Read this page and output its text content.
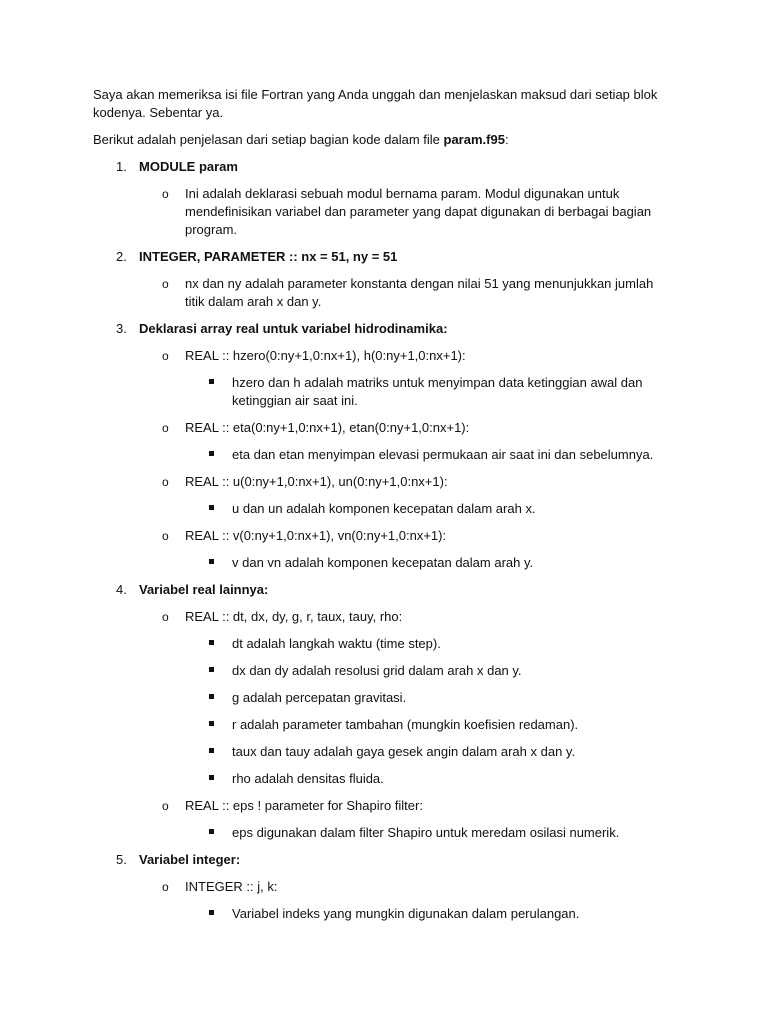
Saya akan memeriksa isi file Fortran yang Anda unggah dan menjelaskan maksud dari setiap blok kodenya. Sebentar ya.

Berikut adalah penjelasan dari setiap bagian kode dalam file param.f95:

1. MODULE param
o Ini adalah deklarasi sebuah modul bernama param. Modul digunakan untuk mendefinisikan variabel dan parameter yang dapat digunakan di berbagai bagian program.
2. INTEGER, PARAMETER :: nx = 51, ny = 51
o nx dan ny adalah parameter konstanta dengan nilai 51 yang menunjukkan jumlah titik dalam arah x dan y.
3. Deklarasi array real untuk variabel hidrodinamika:
o REAL :: hzero(0:ny+1,0:nx+1), h(0:ny+1,0:nx+1):
hzero dan h adalah matriks untuk menyimpan data ketinggian awal dan ketinggian air saat ini.
o REAL :: eta(0:ny+1,0:nx+1), etan(0:ny+1,0:nx+1):
eta dan etan menyimpan elevasi permukaan air saat ini dan sebelumnya.
o REAL :: u(0:ny+1,0:nx+1), un(0:ny+1,0:nx+1):
u dan un adalah komponen kecepatan dalam arah x.
o REAL :: v(0:ny+1,0:nx+1), vn(0:ny+1,0:nx+1):
v dan vn adalah komponen kecepatan dalam arah y.
4. Variabel real lainnya:
o REAL :: dt, dx, dy, g, r, taux, tauy, rho:
dt adalah langkah waktu (time step).
dx dan dy adalah resolusi grid dalam arah x dan y.
g adalah percepatan gravitasi.
r adalah parameter tambahan (mungkin koefisien redaman).
taux dan tauy adalah gaya gesek angin dalam arah x dan y.
rho adalah densitas fluida.
o REAL :: eps ! parameter for Shapiro filter:
eps digunakan dalam filter Shapiro untuk meredam osilasi numerik.
5. Variabel integer:
o INTEGER :: j, k:
Variabel indeks yang mungkin digunakan dalam perulangan.
